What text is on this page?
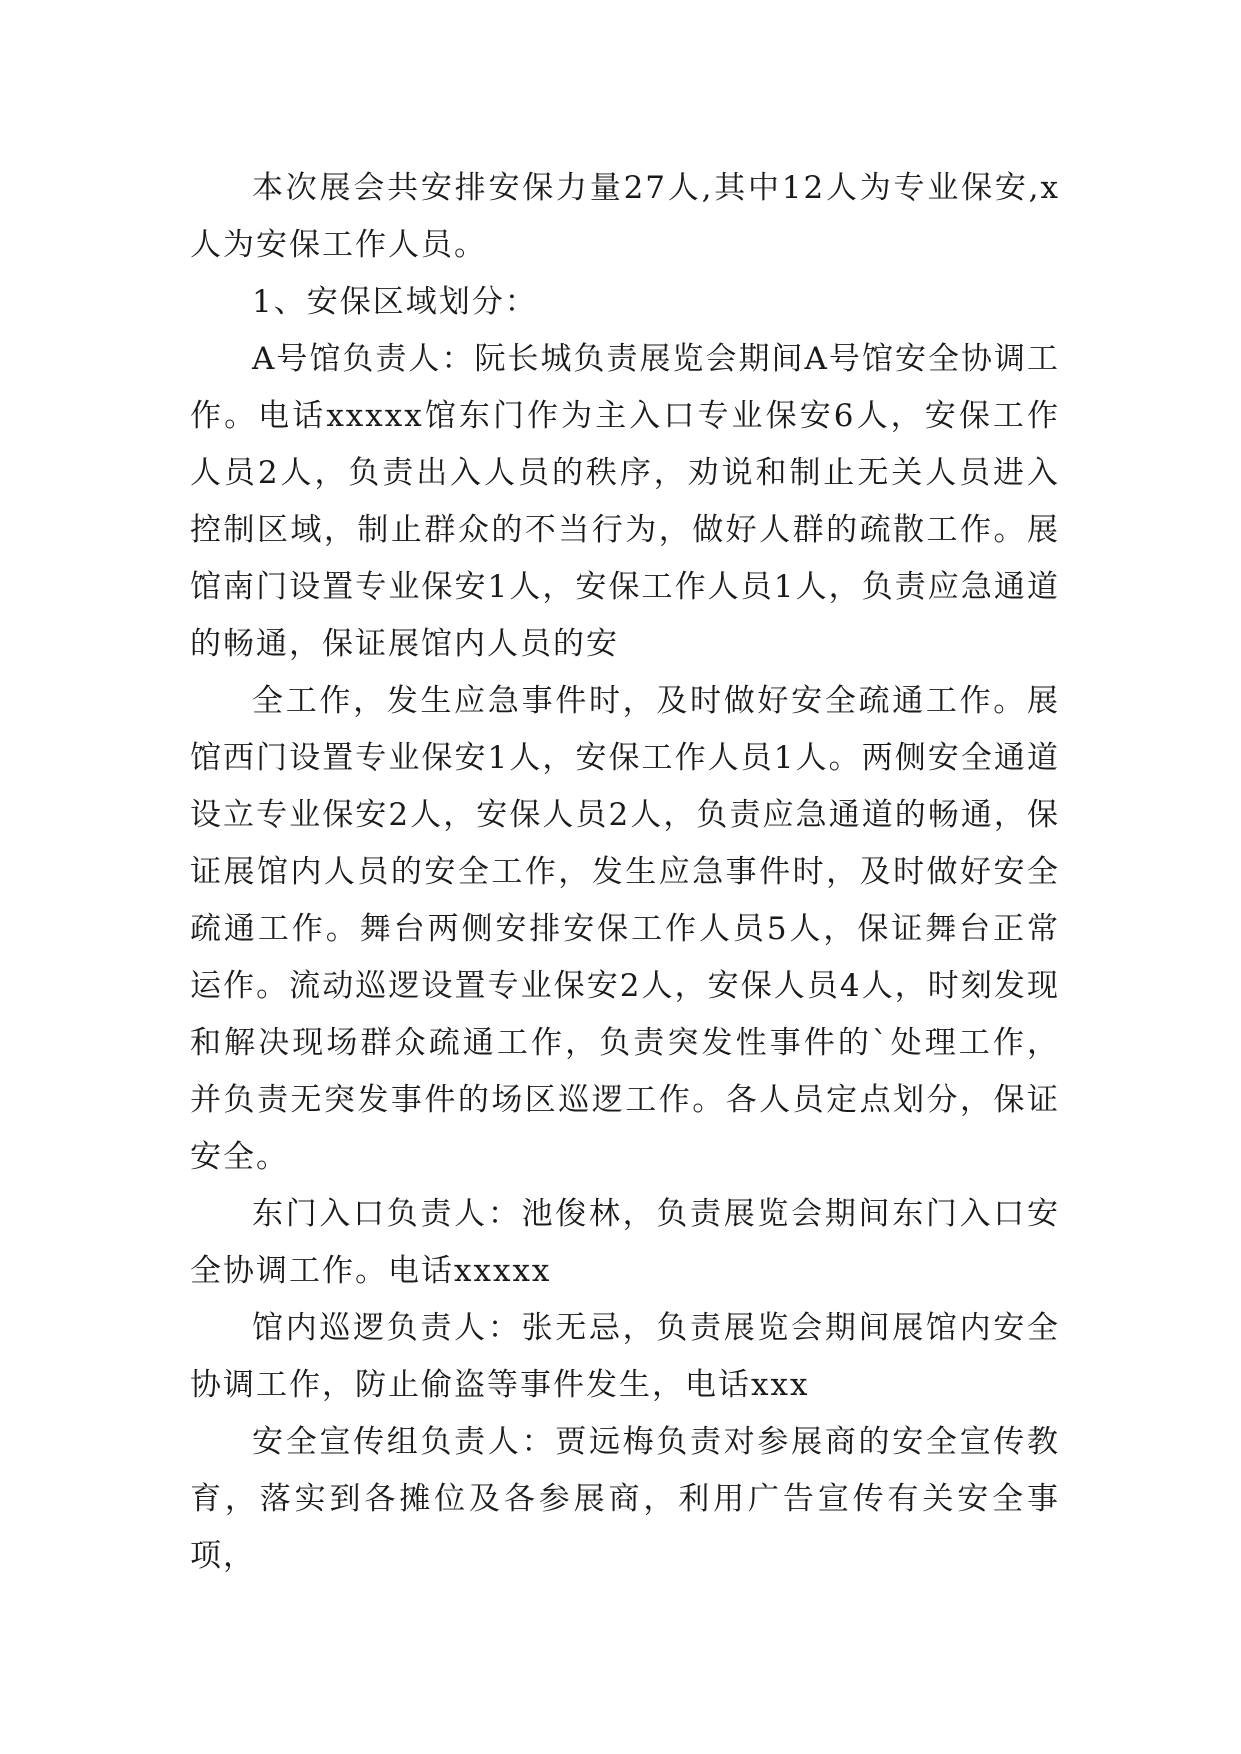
本次展会共安排安保力量27人,其中12人为专业保安,x人为安保工作人员。

1、安保区域划分：

A号馆负责人：阮长城负责展览会期间A号馆安全协调工作。电话xxxxx馆东门作为主入口专业保安6人，安保工作人员2人，负责出入人员的秩序，劝说和制止无关人员进入控制区域，制止群众的不当行为，做好人群的疏散工作。展馆南门设置专业保安1人，安保工作人员1人，负责应急通道的畅通，保证展馆内人员的安

全工作，发生应急事件时，及时做好安全疏通工作。展馆西门设置专业保安1人，安保工作人员1人。两侧安全通道设立专业保安2人，安保人员2人，负责应急通道的畅通，保证展馆内人员的安全工作，发生应急事件时，及时做好安全疏通工作。舞台两侧安排安保工作人员5人，保证舞台正常运作。流动巡逻设置专业保安2人，安保人员4人，时刻发现和解决现场群众疏通工作，负责突发性事件的`处理工作，并负责无突发事件的场区巡逻工作。各人员定点划分，保证安全。

东门入口负责人：池俊林，负责展览会期间东门入口安全协调工作。电话xxxxx

馆内巡逻负责人：张无忌，负责展览会期间展馆内安全协调工作，防止偷盗等事件发生，电话xxx

安全宣传组负责人：贾远梅负责对参展商的安全宣传教育，落实到各摊位及各参展商，利用广告宣传有关安全事项，
